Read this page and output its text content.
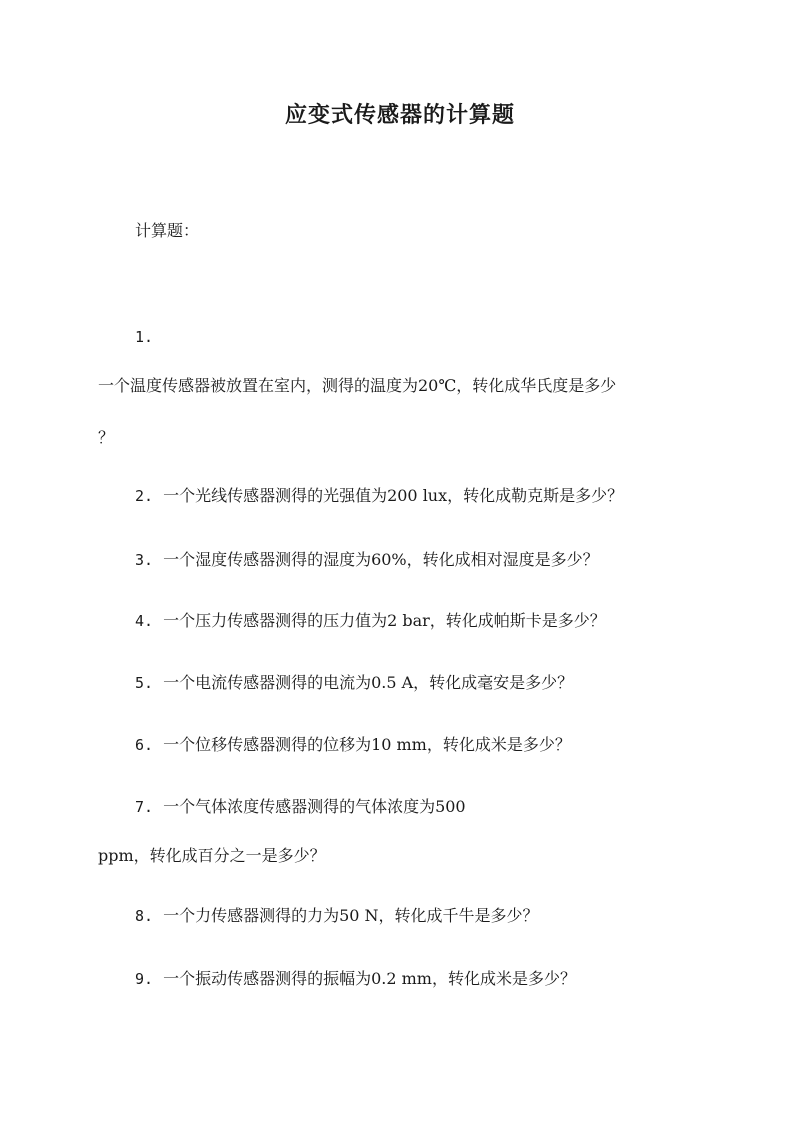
应变式传感器的计算题
计算题：
1.
一个温度传感器被放置在室内，测得的温度为20℃，转化成华氏度是多少
？
2. 一个光线传感器测得的光强值为200 lux，转化成勒克斯是多少？
3. 一个湿度传感器测得的湿度为60%，转化成相对湿度是多少？
4. 一个压力传感器测得的压力值为2 bar，转化成帕斯卡是多少？
5. 一个电流传感器测得的电流为0.5 A，转化成毫安是多少？
6. 一个位移传感器测得的位移为10 mm，转化成米是多少？
7. 一个气体浓度传感器测得的气体浓度为500
ppm，转化成百分之一是多少？
8. 一个力传感器测得的力为50 N，转化成千牛是多少？
9. 一个振动传感器测得的振幅为0.2 mm，转化成米是多少？
